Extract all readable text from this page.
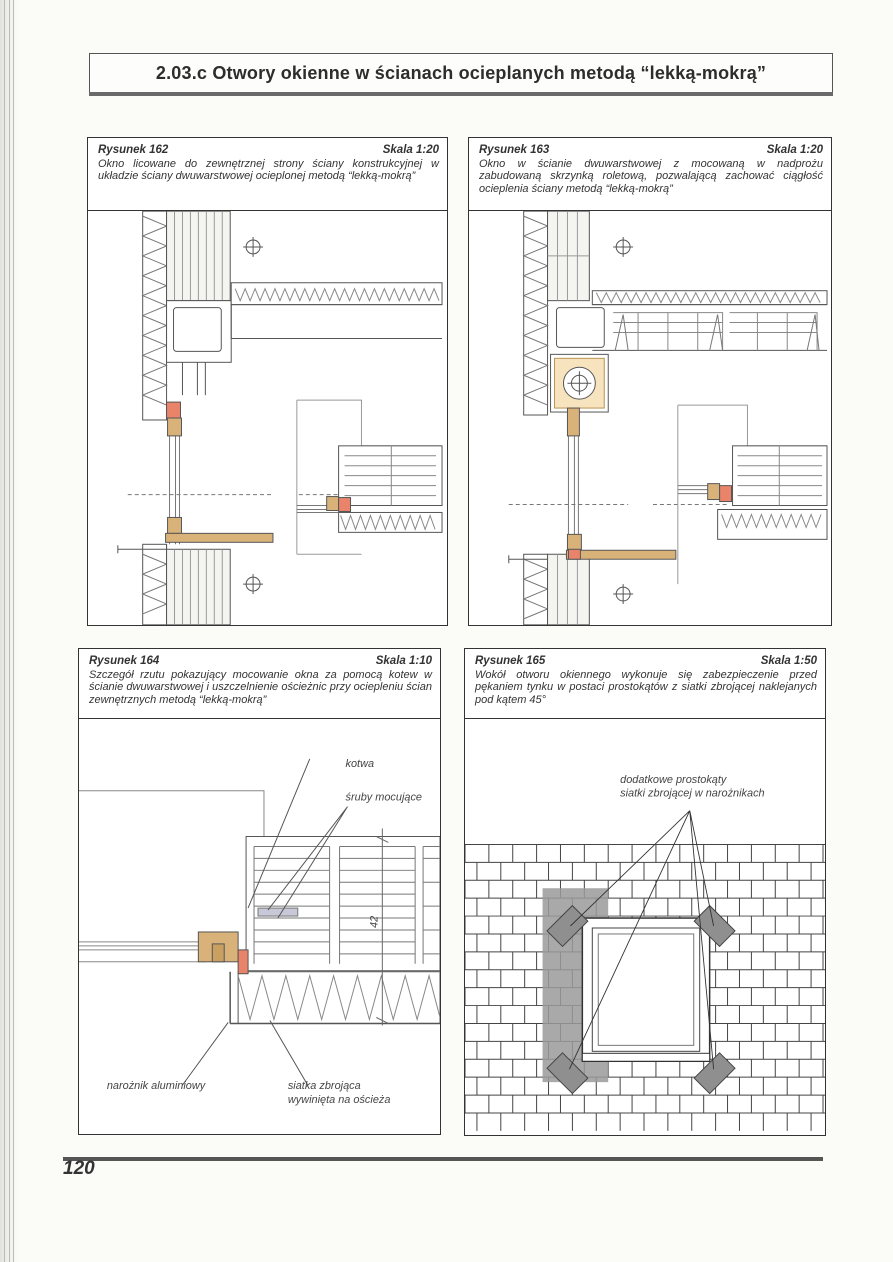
2.03.c Otwory okienne w ścianach ocieplanych metodą “lekką-mokrą”
Rysunek 162	Skala 1:20
Okno licowane do zewnętrznej strony ściany konstrukcyjnej w układzie ściany dwuwarstwowej ocieplonej metodą “lekką-mokrą”
Rysunek 163	Skala 1:20
Okno w ścianie dwuwarstwowej z mocowaną w nadprożu zabudowaną skrzynką roletową, pozwalającą zachować ciągłość ocieplenia ściany metodą “lekką-mokrą”
Rysunek 164	Skala 1:10
Szczegół rzutu pokazujący mocowanie okna za pomocą kotew w ścianie dwuwarstwowej i uszczelnienie ościeżnic przy ociepleniu ścian zewnętrznych metodą “lekką-mokrą”
kotwa
śruby mocujące
narożnik aluminiowy	siatka zbrojąca
wywinięta na ościeża
42
Rysunek 165	Skala 1:50
Wokół otworu okiennego wykonuje się zabezpieczenie przed pękaniem tynku w postaci prostokątów z siatki zbrojącej naklejanych pod kątem 45°
dodatkowe prostokąty
siatki zbrojącej w narożnikach
120
